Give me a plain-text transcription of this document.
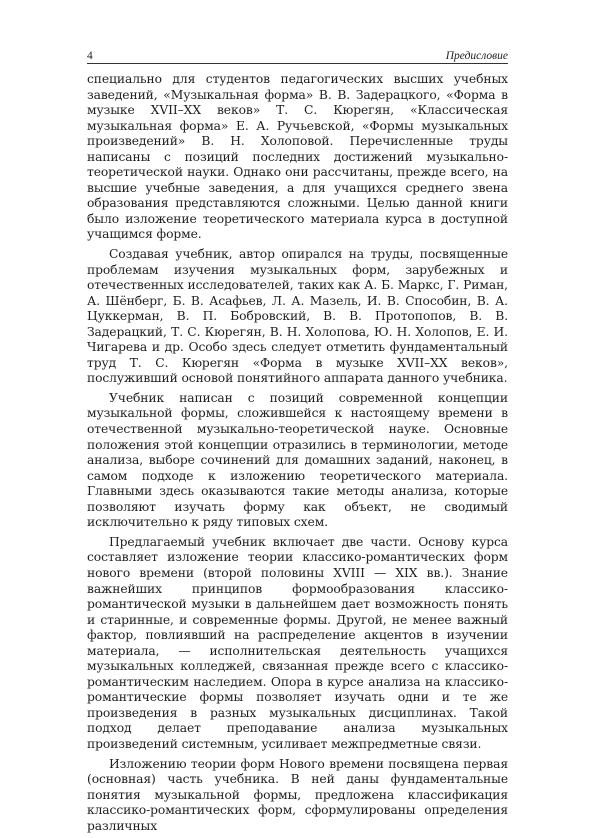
4	Предисловие

специально для студентов педагогических высших учебных заведений, «Музыкальная форма» В. В. Задерацкого, «Форма в музыке XVII–XX веков» Т. С. Кюрегян, «Классическая музыкальная форма» Е. А. Ручьевской, «Формы музыкальных произведений» В. Н. Холоповой. Перечисленные труды написаны с позиций последних достижений музыкально-теоретической науки. Однако они рассчитаны, прежде всего, на высшие учебные заведения, а для учащихся среднего звена образования представляются сложными. Целью данной книги было изложение теоретического материала курса в доступной учащимся форме.

Создавая учебник, автор опирался на труды, посвященные проблемам изучения музыкальных форм, зарубежных и отечественных исследователей, таких как А. Б. Маркс, Г. Риман, А. Шёнберг, Б. В. Асафьев, Л. А. Мазель, И. В. Способин, В. А. Цуккерман, В. П. Бобровский, В. В. Протопопов, В. В. Задерацкий, Т. С. Кюрегян, В. Н. Холопова, Ю. Н. Холопов, Е. И. Чигарева и др. Особо здесь следует отметить фундаментальный труд Т. С. Кюрегян «Форма в музыке XVII–XX веков», послуживший основой понятийного аппарата данного учебника.

Учебник написан с позиций современной концепции музыкальной формы, сложившейся к настоящему времени в отечественной музыкально-теоретической науке. Основные положения этой концепции отразились в терминологии, методе анализа, выборе сочинений для домашних заданий, наконец, в самом подходе к изложению теоретического материала. Главными здесь оказываются такие методы анализа, которые позволяют изучать форму как объект, не сводимый исключительно к ряду типовых схем.

Предлагаемый учебник включает две части. Основу курса составляет изложение теории классико-романтических форм нового времени (второй половины XVIII — XIX вв.). Знание важнейших принципов формообразования классико-романтической музыки в дальнейшем дает возможность понять и старинные, и современные формы. Другой, не менее важный фактор, повлиявший на распределение акцентов в изучении материала, — исполнительская деятельность учащихся музыкальных колледжей, связанная прежде всего с классико-романтическим наследием. Опора в курсе анализа на классико-романтические формы позволяет изучать одни и те же произведения в разных музыкальных дисциплинах. Такой подход делает преподавание анализа музыкальных произведений системным, усиливает межпредметные связи.

Изложению теории форм Нового времени посвящена первая (основная) часть учебника. В ней даны фундаментальные понятия музыкальной формы, предложена классификация классико-романтических форм, сформулированы определения различных
